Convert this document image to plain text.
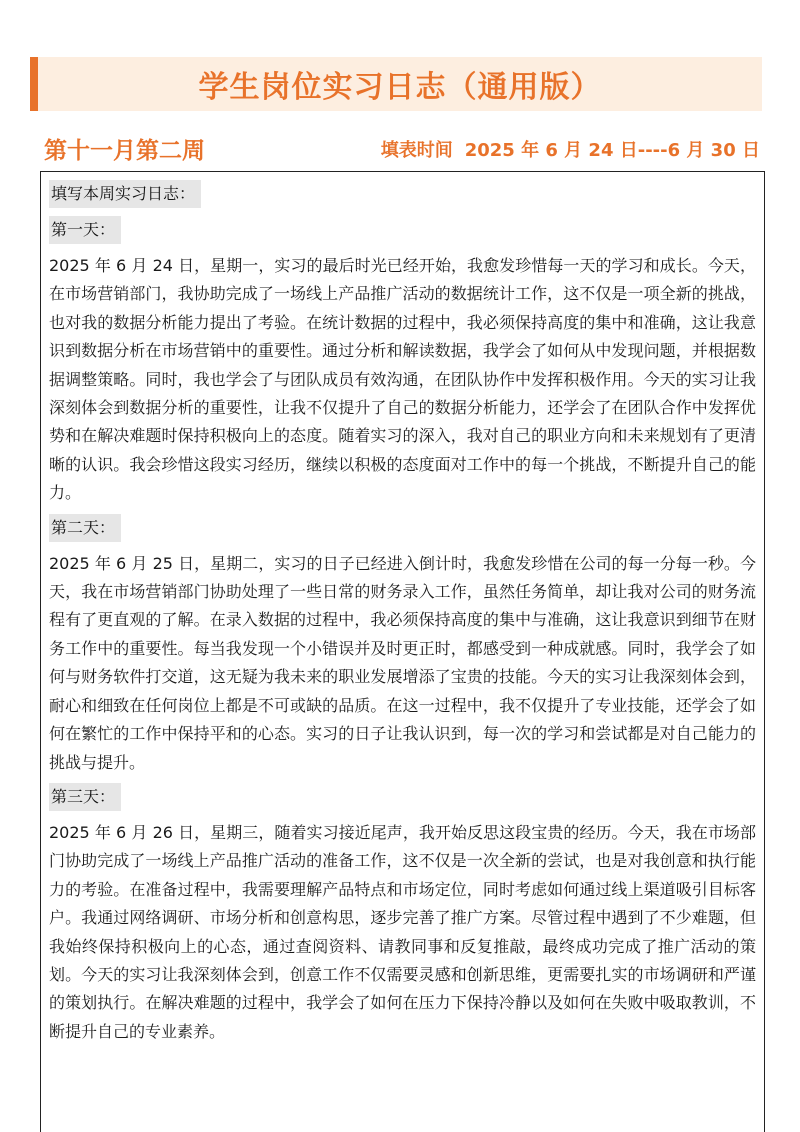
学生岗位实习日志（通用版）
第十一月第二周	填表时间 2025 年 6 月 24 日----6 月 30 日
填写本周实习日志：
第一天：

2025 年 6 月 24 日，星期一，实习的最后时光已经开始，我愈发珍惜每一天的学习和成长。今天，在市场营销部门，我协助完成了一场线上产品推广活动的数据统计工作，这不仅是一项全新的挑战，也对我的数据分析能力提出了考验。在统计数据的过程中，我必须保持高度的集中和准确，这让我意识到数据分析在市场营销中的重要性。通过分析和解读数据，我学会了如何从中发现问题，并根据数据调整策略。同时，我也学会了与团队成员有效沟通，在团队协作中发挥积极作用。今天的实习让我深刻体会到数据分析的重要性，让我不仅提升了自己的数据分析能力，还学会了在团队合作中发挥优势和在解决难题时保持积极向上的态度。随着实习的深入，我对自己的职业方向和未来规划有了更清晰的认识。我会珍惜这段实习经历，继续以积极的态度面对工作中的每一个挑战，不断提升自己的能力。

第二天：

2025 年 6 月 25 日，星期二，实习的日子已经进入倒计时，我愈发珍惜在公司的每一分每一秒。今天，我在市场营销部门协助处理了一些日常的财务录入工作，虽然任务简单，却让我对公司的财务流程有了更直观的了解。在录入数据的过程中，我必须保持高度的集中与准确，这让我意识到细节在财务工作中的重要性。每当我发现一个小错误并及时更正时，都感受到一种成就感。同时，我学会了如何与财务软件打交道，这无疑为我未来的职业发展增添了宝贵的技能。今天的实习让我深刻体会到，耐心和细致在任何岗位上都是不可或缺的品质。在这一过程中，我不仅提升了专业技能，还学会了如何在繁忙的工作中保持平和的心态。实习的日子让我认识到，每一次的学习和尝试都是对自己能力的挑战与提升。

第三天：

2025 年 6 月 26 日，星期三，随着实习接近尾声，我开始反思这段宝贵的经历。今天，我在市场部门协助完成了一场线上产品推广活动的准备工作，这不仅是一次全新的尝试，也是对我创意和执行能力的考验。在准备过程中，我需要理解产品特点和市场定位，同时考虑如何通过线上渠道吸引目标客户。我通过网络调研、市场分析和创意构思，逐步完善了推广方案。尽管过程中遇到了不少难题，但我始终保持积极向上的心态，通过查阅资料、请教同事和反复推敲，最终成功完成了推广活动的策划。今天的实习让我深刻体会到，创意工作不仅需要灵感和创新思维，更需要扎实的市场调研和严谨的策划执行。在解决难题的过程中，我学会了如何在压力下保持冷静以及如何在失败中吸取教训，不断提升自己的专业素养。
